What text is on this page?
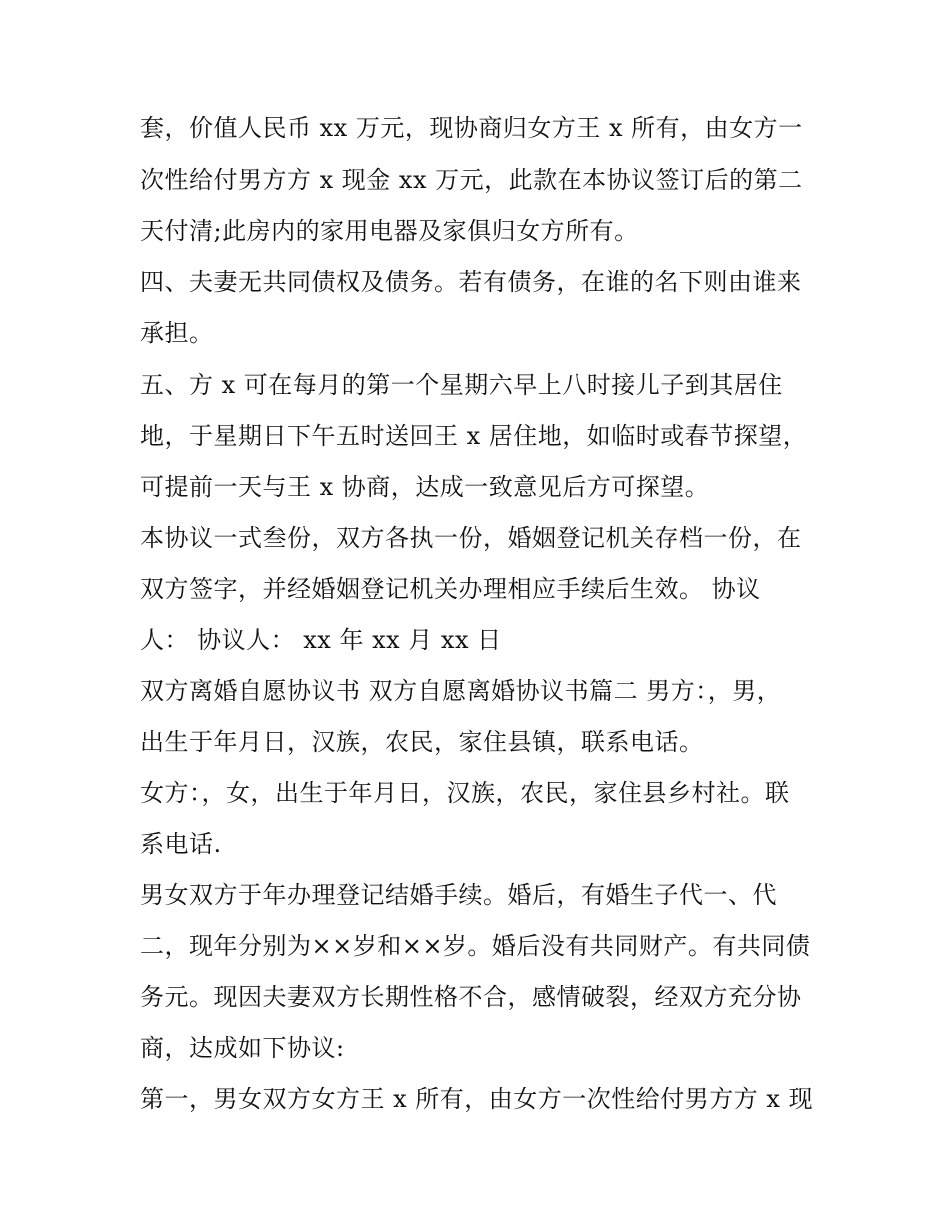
套，价值人民币 xx 万元，现协商归女方王 x 所有，由女方一

次性给付男方方 x 现金 xx 万元，此款在本协议签订后的第二

天付清;此房内的家用电器及家俱归女方所有。

四、夫妻无共同债权及债务。若有债务，在谁的名下则由谁来

承担。

五、方 x 可在每月的第一个星期六早上八时接儿子到其居住

地，于星期日下午五时送回王 x 居住地，如临时或春节探望，

可提前一天与王 x 协商，达成一致意见后方可探望。

本协议一式叁份，双方各执一份，婚姻登记机关存档一份，在

双方签字，并经婚姻登记机关办理相应手续后生效。 协议

人： 协议人： xx 年 xx 月 xx 日

双方离婚自愿协议书 双方自愿离婚协议书篇二 男方：，男，

出生于年月日，汉族，农民，家住县镇，联系电话。

女方：，女，出生于年月日，汉族，农民，家住县乡村社。联

系电话.

男女双方于年办理登记结婚手续。婚后，有婚生子代一、代

二，现年分别为××岁和××岁。婚后没有共同财产。有共同债

务元。现因夫妻双方长期性格不合，感情破裂，经双方充分协

商，达成如下协议:

第一，男女双方女方王 x 所有，由女方一次性给付男方方 x 现
